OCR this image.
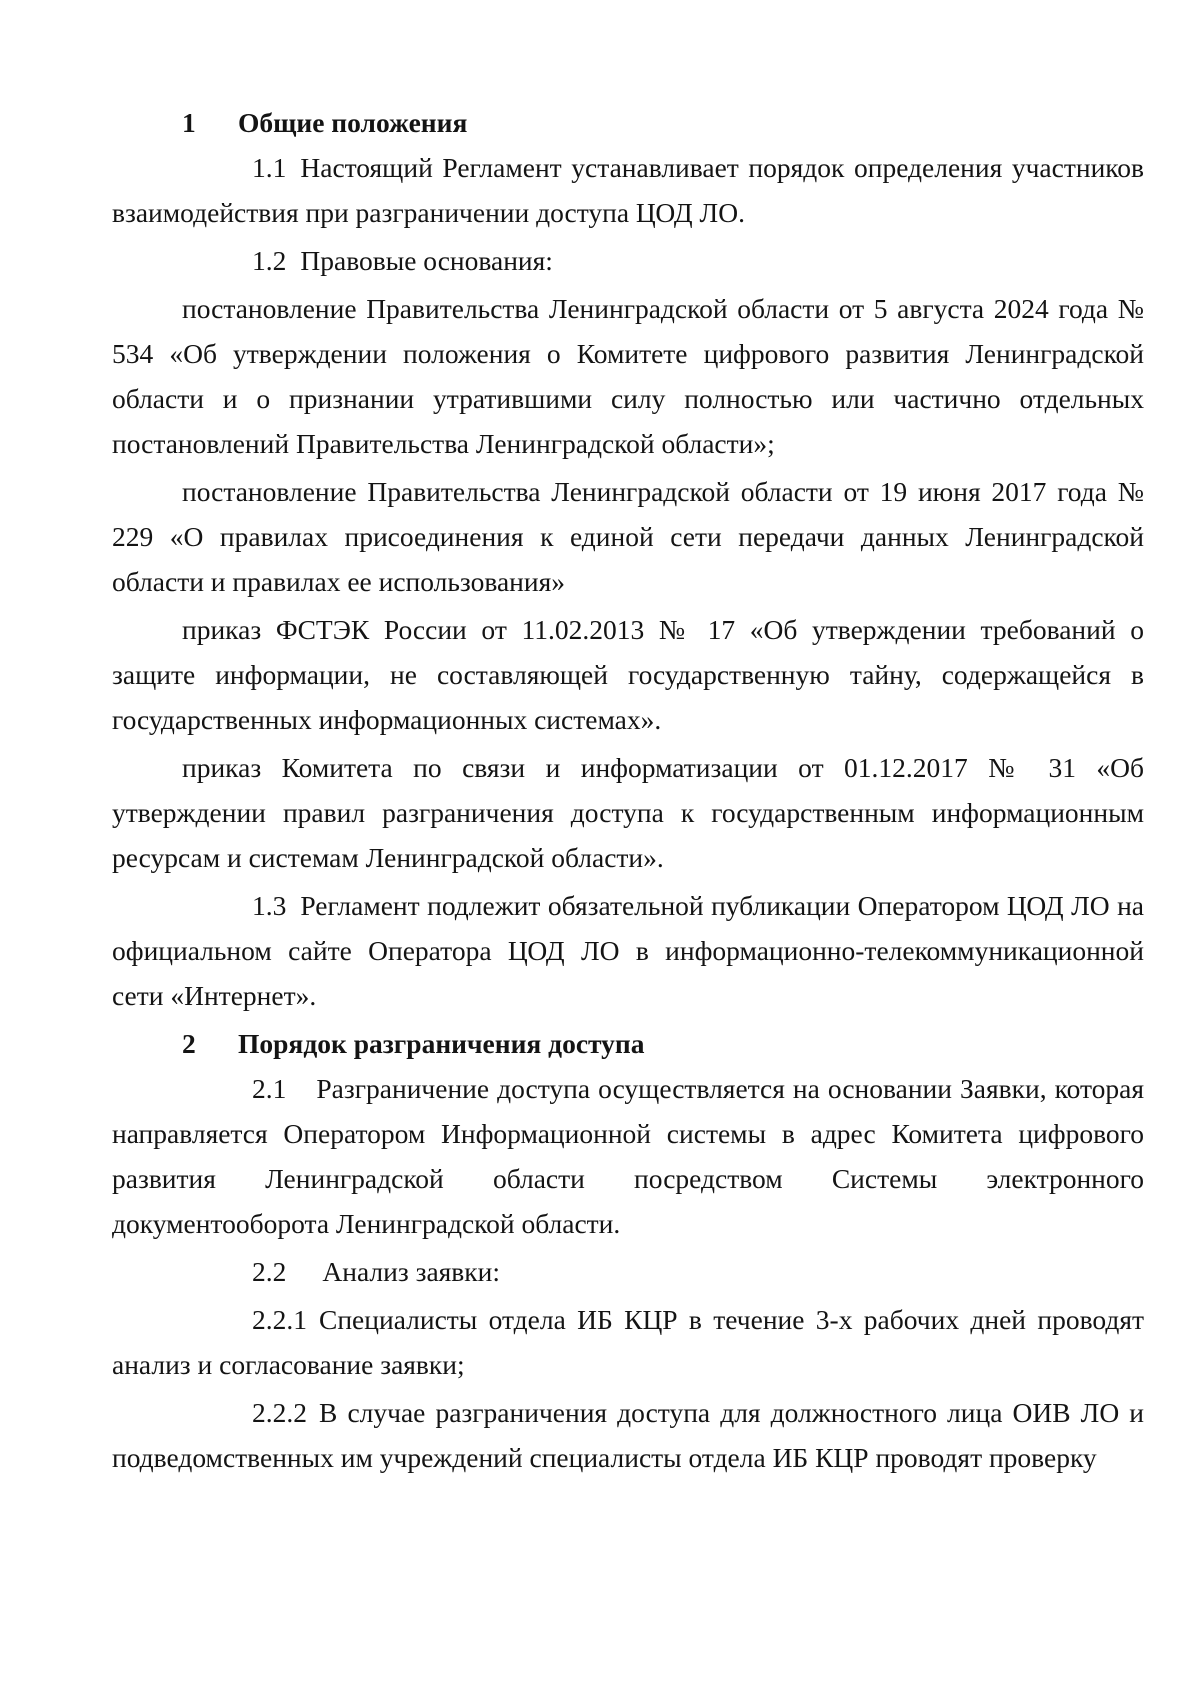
1 Общие положения

1.1 Настоящий Регламент устанавливает порядок определения участников взаимодействия при разграничении доступа ЦОД ЛО.

1.2 Правовые основания:

постановление Правительства Ленинградской области от 5 августа 2024 года № 534 «Об утверждении положения о Комитете цифрового развития Ленинградской области и о признании утратившими силу полностью или частично отдельных постановлений Правительства Ленинградской области»;

постановление Правительства Ленинградской области от 19 июня 2017 года № 229 «О правилах присоединения к единой сети передачи данных Ленинградской области и правилах ее использования»

приказ ФСТЭК России от 11.02.2013 № 17 «Об утверждении требований о защите информации, не составляющей государственную тайну, содержащейся в государственных информационных системах».

приказ Комитета по связи и информатизации от 01.12.2017 № 31 «Об утверждении правил разграничения доступа к государственным информационным ресурсам и системам Ленинградской области».

1.3 Регламент подлежит обязательной публикации Оператором ЦОД ЛО на официальном сайте Оператора ЦОД ЛО в информационно-телекоммуникационной сети «Интернет».

2 Порядок разграничения доступа

2.1 Разграничение доступа осуществляется на основании Заявки, которая направляется Оператором Информационной системы в адрес Комитета цифрового развития Ленинградской области посредством Системы электронного документооборота Ленинградской области.

2.2 Анализ заявки:

2.2.1 Специалисты отдела ИБ КЦР в течение 3-х рабочих дней проводят анализ и согласование заявки;

2.2.2 В случае разграничения доступа для должностного лица ОИВ ЛО и подведомственных им учреждений специалисты отдела ИБ КЦР проводят проверку
